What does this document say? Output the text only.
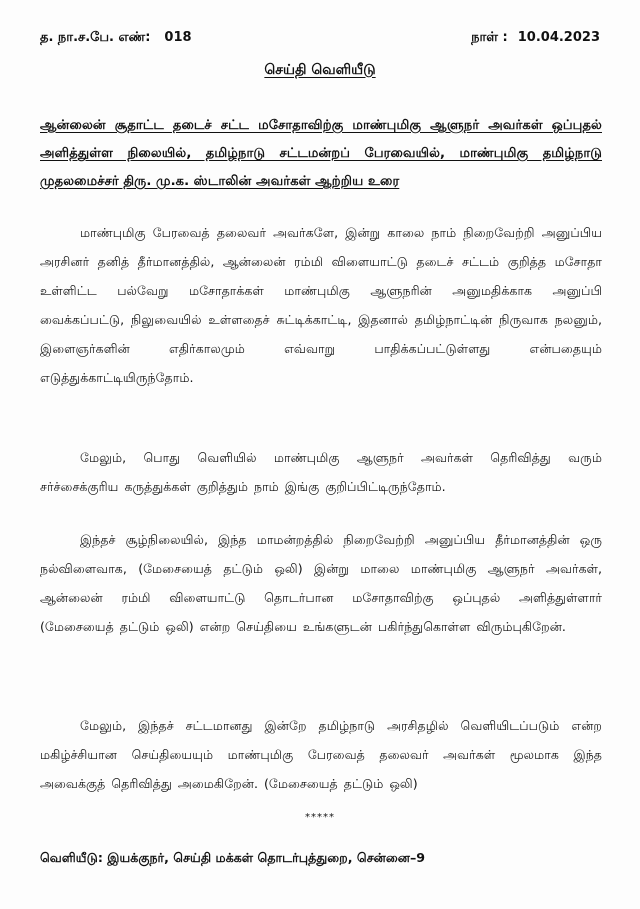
த. நா.ச.பே. எண்: 018	நாள் : 10.04.2023
செய்தி வெளியீடு
ஆன்லைன் சூதாட்ட தடைச் சட்ட மசோதாவிற்கு மாண்புமிகு ஆளுநர் அவர்கள் ஒப்புதல் அளித்துள்ள நிலையில், தமிழ்நாடு சட்டமன்றப் பேரவையில், மாண்புமிகு தமிழ்நாடு முதலமைச்சர் திரு. மு.க. ஸ்டாலின் அவர்கள் ஆற்றிய உரை

மாண்புமிகு பேரவைத் தலைவர் அவர்களே, இன்று காலை நாம் நிறைவேற்றி அனுப்பிய அரசினர் தனித் தீர்மானத்தில், ஆன்லைன் ரம்மி விளையாட்டு தடைச் சட்டம் குறித்த மசோதா உள்ளிட்ட பல்வேறு மசோதாக்கள் மாண்புமிகு ஆளுநரின் அனுமதிக்காக அனுப்பி வைக்கப்பட்டு, நிலுவையில் உள்ளதைச் சுட்டிக்காட்டி, இதனால் தமிழ்நாட்டின் நிருவாக நலனும், இளைஞர்களின் எதிர்காலமும் எவ்வாறு பாதிக்கப்பட்டுள்ளது என்பதையும் எடுத்துக்காட்டியிருந்தோம்.

மேலும், பொது வெளியில் மாண்புமிகு ஆளுநர் அவர்கள் தெரிவித்து வரும் சர்ச்சைக்குரிய கருத்துக்கள் குறித்தும் நாம் இங்கு குறிப்பிட்டிருந்தோம்.

இந்தச் சூழ்நிலையில், இந்த மாமன்றத்தில் நிறைவேற்றி அனுப்பிய தீர்மானத்தின் ஒரு நல்விளைவாக, (மேசையைத் தட்டும் ஒலி) இன்று மாலை மாண்புமிகு ஆளுநர் அவர்கள், ஆன்லைன் ரம்மி விளையாட்டு தொடர்பான மசோதாவிற்கு ஒப்புதல் அளித்துள்ளார் (மேசையைத் தட்டும் ஒலி) என்ற செய்தியை உங்களுடன் பகிர்ந்துகொள்ள விரும்புகிறேன்.

மேலும், இந்தச் சட்டமானது இன்றே தமிழ்நாடு அரசிதழில் வெளியிடப்படும் என்ற மகிழ்ச்சியான செய்தியையும் மாண்புமிகு பேரவைத் தலைவர் அவர்கள் மூலமாக இந்த அவைக்குத் தெரிவித்து அமைகிறேன். (மேசையைத் தட்டும் ஒலி)

*****
வெளியீடு: இயக்குநர், செய்தி மக்கள் தொடர்புத்துறை, சென்னை–9
